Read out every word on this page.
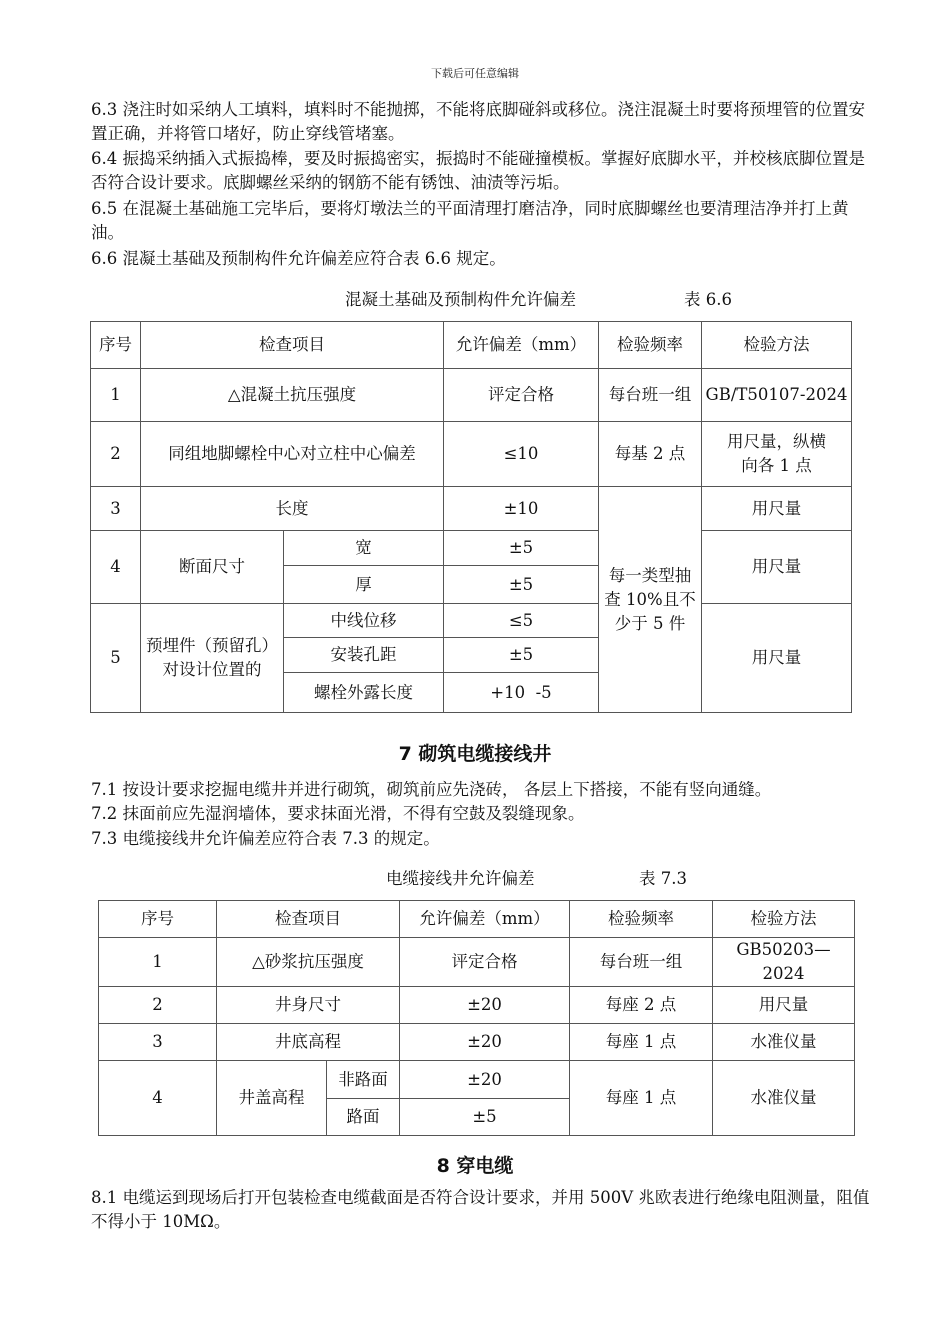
下载后可任意编辑

6.3 浇注时如采纳人工填料，填料时不能抛掷，不能将底脚碰斜或移位。浇注混凝土时要将预埋管的位置安置正确，并将管口堵好，防止穿线管堵塞。

6.4 振捣采纳插入式振捣棒，要及时振捣密实，振捣时不能碰撞模板。掌握好底脚水平，并校核底脚位置是否符合设计要求。底脚螺丝采纳的钢筋不能有锈蚀、油渍等污垢。

6.5 在混凝土基础施工完毕后，要将灯墩法兰的平面清理打磨洁净，同时底脚螺丝也要清理洁净并打上黄油。

6.6 混凝土基础及预制构件允许偏差应符合表 6.6 规定。

混凝土基础及预制构件允许偏差	表 6.6
序号	检查项目		允许偏差（mm）	检验频率	检验方法
1	△混凝土抗压强度		评定合格	每台班一组	GB/T50107-2024
2	同组地脚螺栓中心对立柱中心偏差		≤10	每基 2 点	用尺量，纵横向各 1 点
3	长度		±10	每一类型抽查 10%且不少于 5 件	用尺量
4	断面尺寸	宽	±5		用尺量
		厚	±5		
5	预埋件（预留孔）对设计位置的	中线位移	≤5		用尺量
		安装孔距	±5		
		螺栓外露长度	+10  -5		
7 砌筑电缆接线井

7.1 按设计要求挖掘电缆井并进行砌筑，砌筑前应先浇砖， 各层上下搭接，不能有竖向通缝。

7.2 抹面前应先湿润墙体，要求抹面光滑，不得有空鼓及裂缝现象。

7.3 电缆接线井允许偏差应符合表 7.3 的规定。

电缆接线井允许偏差	表 7.3
序号	检查项目		允许偏差（mm）	检验频率	检验方法
1	△砂浆抗压强度		评定合格	每台班一组	GB50203—2024
2	井身尺寸		±20	每座 2 点	用尺量
3	井底高程		±20	每座 1 点	水准仪量
4	井盖高程	非路面	±20	每座 1 点	水准仪量
		路面	±5		
8 穿电缆

8.1 电缆运到现场后打开包装检查电缆截面是否符合设计要求，并用 500V 兆欧表进行绝缘电阻测量，阻值不得小于 10MΩ。
